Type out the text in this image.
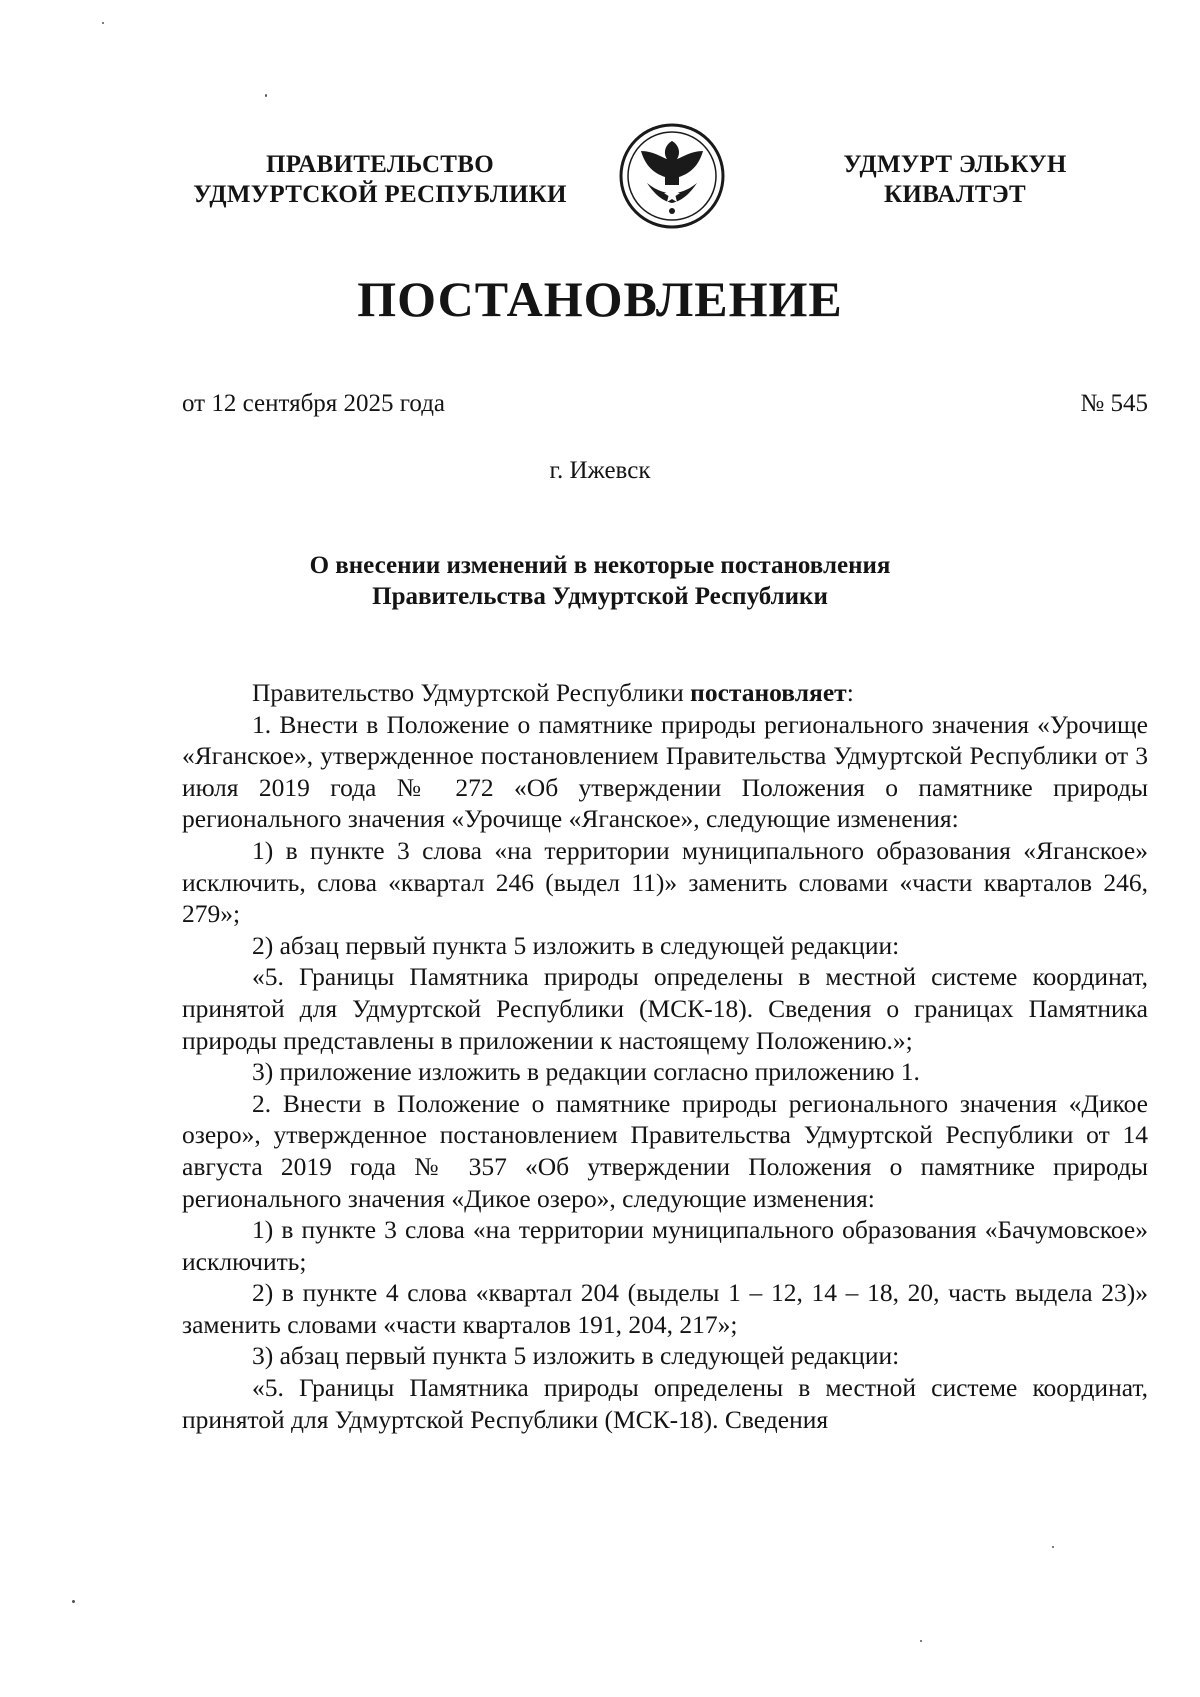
ПРАВИТЕЛЬСТВО
УДМУРТСКОЙ РЕСПУБЛИКИ
УДМУРТ ЭЛЬКУН
КИВАЛТЭТ
ПОСТАНОВЛЕНИЕ
от 12 сентября 2025 года	№ 545
г. Ижевск
О внесении изменений в некоторые постановления
Правительства Удмуртской Республики

Правительство Удмуртской Республики постановляет:

1. Внести в Положение о памятнике природы регионального значения «Урочище «Яганское», утвержденное постановлением Правительства Удмуртской Республики от 3 июля 2019 года № 272 «Об утверждении Положения о памятнике природы регионального значения «Урочище «Яганское», следующие изменения:

1) в пункте 3 слова «на территории муниципального образования «Яганское» исключить, слова «квартал 246 (выдел 11)» заменить словами «части кварталов 246, 279»;

2) абзац первый пункта 5 изложить в следующей редакции:

«5. Границы Памятника природы определены в местной системе координат, принятой для Удмуртской Республики (МСК-18). Сведения о границах Памятника природы представлены в приложении к настоящему Положению.»;

3) приложение изложить в редакции согласно приложению 1.

2. Внести в Положение о памятнике природы регионального значения «Дикое озеро», утвержденное постановлением Правительства Удмуртской Республики от 14 августа 2019 года № 357 «Об утверждении Положения о памятнике природы регионального значения «Дикое озеро», следующие изменения:

1) в пункте 3 слова «на территории муниципального образования «Бачумовское» исключить;

2) в пункте 4 слова «квартал 204 (выделы 1 – 12, 14 – 18, 20, часть выдела 23)» заменить словами «части кварталов 191, 204, 217»;

3) абзац первый пункта 5 изложить в следующей редакции:

«5. Границы Памятника природы определены в местной системе координат, принятой для Удмуртской Республики (МСК-18). Сведения
